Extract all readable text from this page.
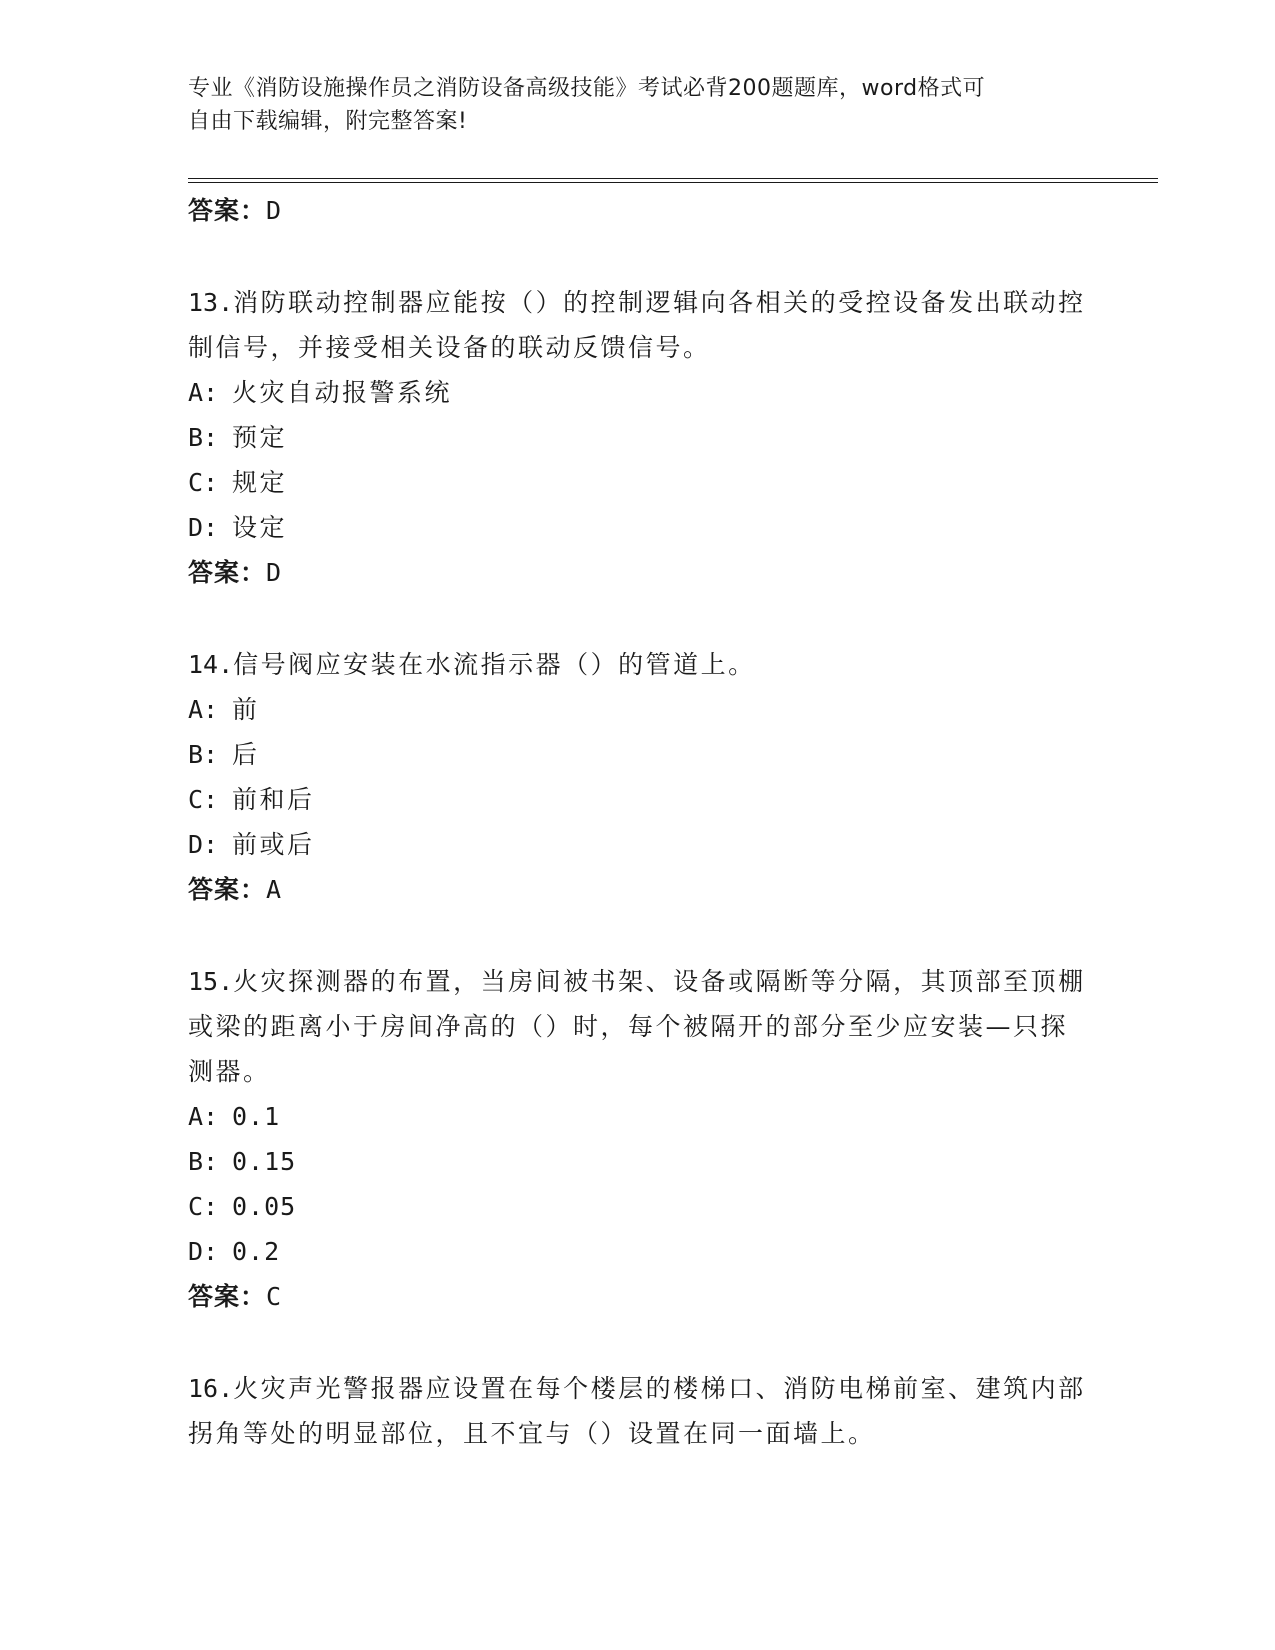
专业《消防设施操作员之消防设备高级技能》考试必背200题题库，word格式可
自由下载编辑，附完整答案!
答案：D
13.消防联动控制器应能按（）的控制逻辑向各相关的受控设备发出联动控制信号，并接受相关设备的联动反馈信号。
A: 火灾自动报警系统
B: 预定
C: 规定
D: 设定
答案：D
14.信号阀应安装在水流指示器（）的管道上。
A: 前
B: 后
C: 前和后
D: 前或后
答案：A
15.火灾探测器的布置，当房间被书架、设备或隔断等分隔，其顶部至顶棚或梁的距离小于房间净高的（）时，每个被隔开的部分至少应安装—只探测器。
A: 0.1
B: 0.15
C: 0.05
D: 0.2
答案：C
16.火灾声光警报器应设置在每个楼层的楼梯口、消防电梯前室、建筑内部拐角等处的明显部位，且不宜与（）设置在同一面墙上。
